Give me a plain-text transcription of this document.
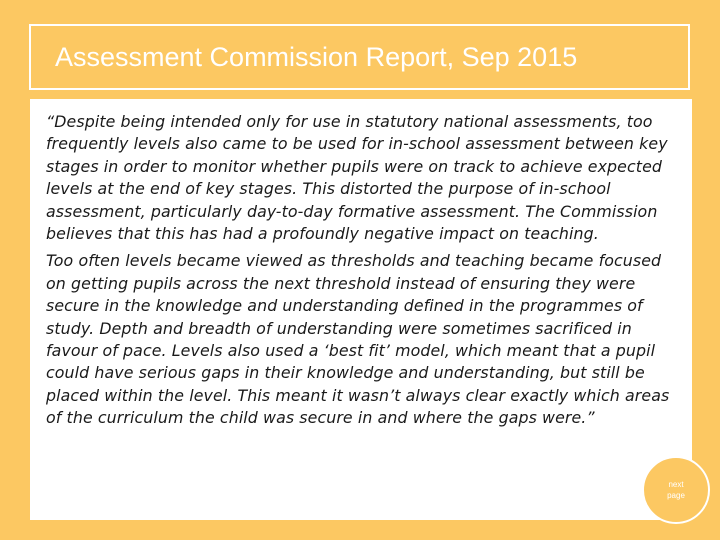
Assessment Commission Report, Sep 2015

“Despite being intended only for use in statutory national assessments, too frequently levels also came to be used for in-school assessment between key stages in order to monitor whether pupils were on track to achieve expected levels at the end of key stages. This distorted the purpose of in-school assessment, particularly day-to-day formative assessment. The Commission believes that this has had a profoundly negative impact on teaching.

Too often levels became viewed as thresholds and teaching became focused on getting pupils across the next threshold instead of ensuring they were secure in the knowledge and understanding defined in the programmes of study. Depth and breadth of understanding were sometimes sacrificed in favour of pace. Levels also used a ‘best fit’ model, which meant that a pupil could have serious gaps in their knowledge and understanding, but still be placed within the level. This meant it wasn’t always clear exactly which areas of the curriculum the child was secure in and where the gaps were.”

next page
